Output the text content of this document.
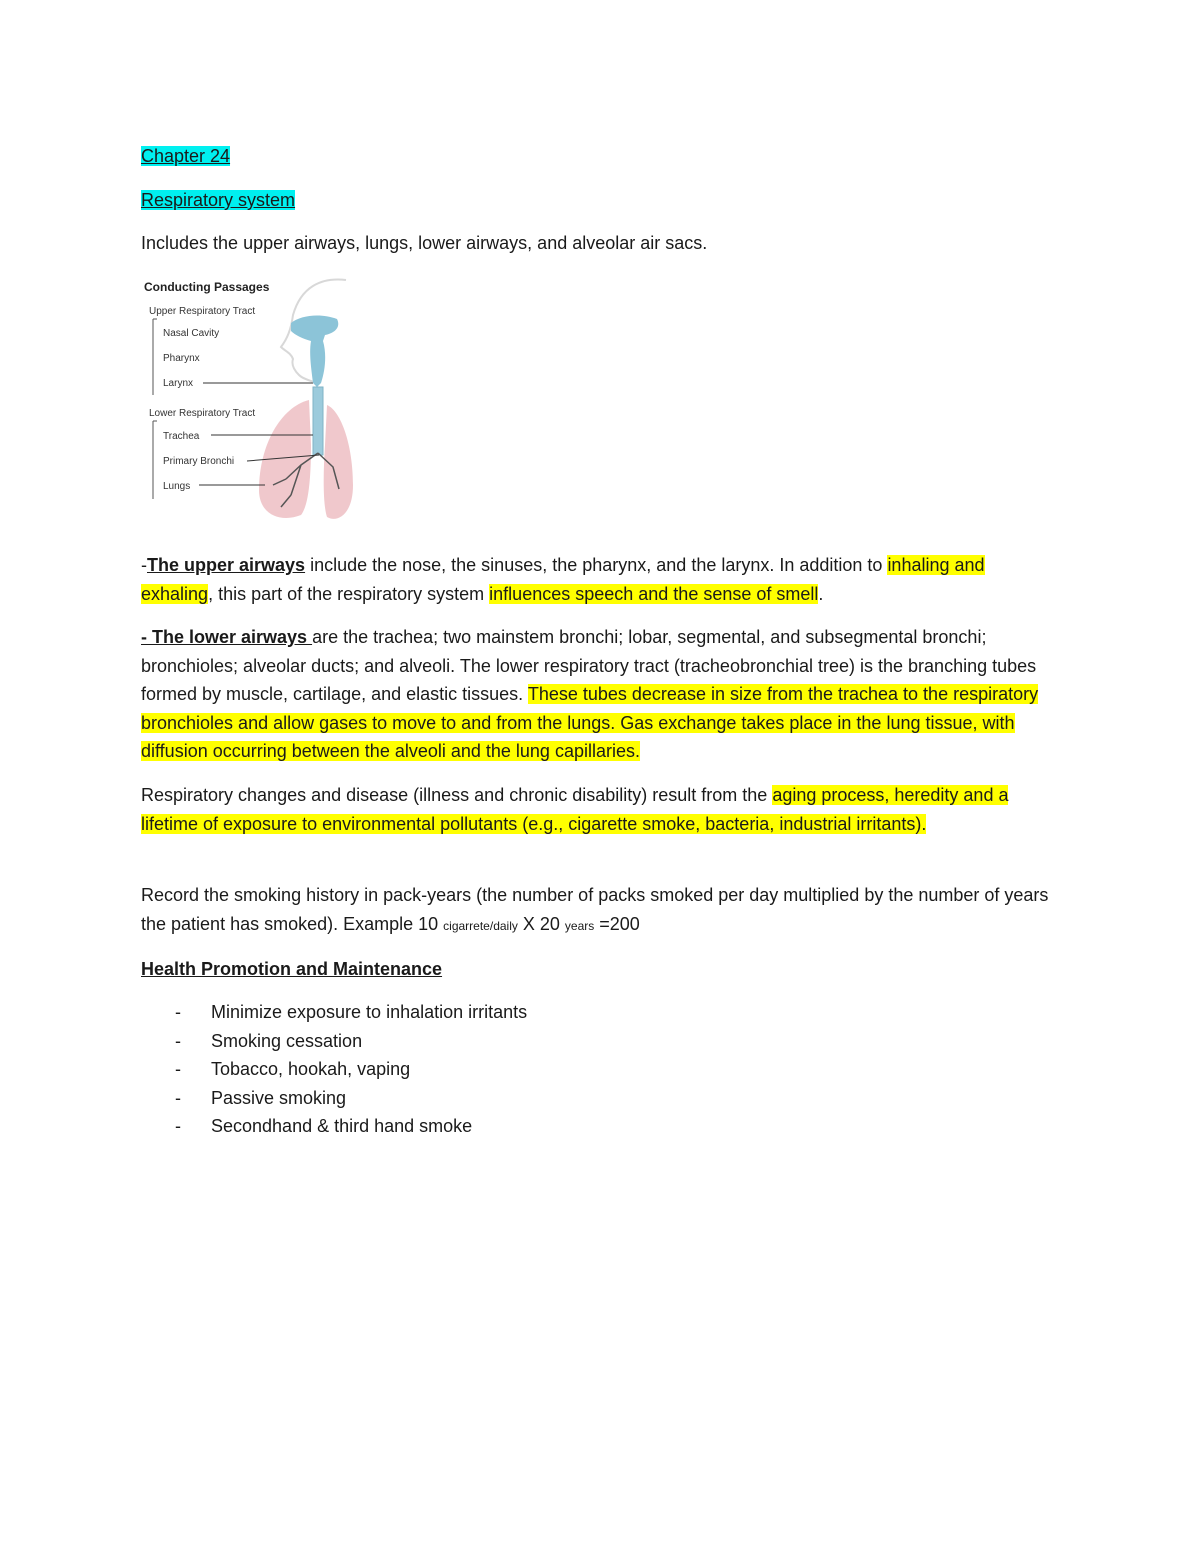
Chapter 24

Respiratory system

Includes the upper airways, lungs, lower airways, and alveolar air sacs.

Conducting Passages
Upper Respiratory Tract
Nasal Cavity
Pharynx
Larynx
Lower Respiratory Tract
Trachea
Primary Bronchi
Lungs

-The upper airways include the nose, the sinuses, the pharynx, and the larynx. In addition to inhaling and exhaling, this part of the respiratory system influences speech and the sense of smell.

- The lower airways are the trachea; two mainstem bronchi; lobar, segmental, and subsegmental bronchi; bronchioles; alveolar ducts; and alveoli. The lower respiratory tract (tracheobronchial tree) is the branching tubes formed by muscle, cartilage, and elastic tissues. These tubes decrease in size from the trachea to the respiratory bronchioles and allow gases to move to and from the lungs. Gas exchange takes place in the lung tissue, with diffusion occurring between the alveoli and the lung capillaries.

Respiratory changes and disease (illness and chronic disability) result from the aging process, heredity and a lifetime of exposure to environmental pollutants (e.g., cigarette smoke, bacteria, industrial irritants).

Record the smoking history in pack-years (the number of packs smoked per day multiplied by the number of years the patient has smoked). Example 10 cigarrete/daily X 20 years =200

Health Promotion and Maintenance

- Minimize exposure to inhalation irritants
- Smoking cessation
- Tobacco, hookah, vaping
- Passive smoking
- Secondhand & third hand smoke
